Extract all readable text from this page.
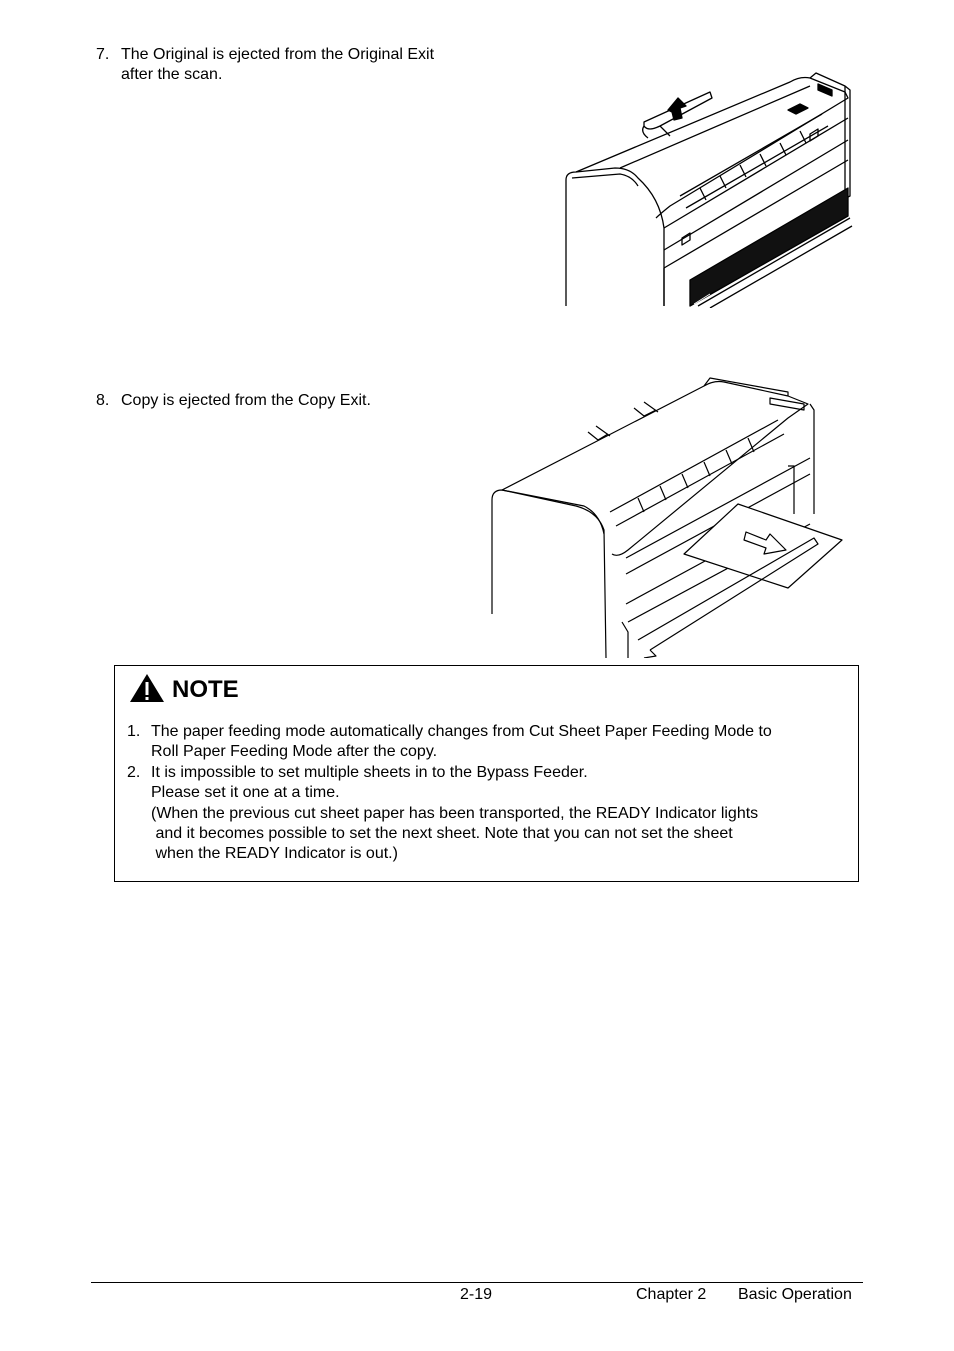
7. The Original is ejected from the Original Exit
after the scan.
8. Copy is ejected from the Copy Exit.
NOTE
1. The paper feeding mode automatically changes from Cut Sheet Paper Feeding Mode to
Roll Paper Feeding Mode after the copy.
2. It is impossible to set multiple sheets in to the Bypass Feeder.
Please set it one at a time.
(When the previous cut sheet paper has been transported, the READY Indicator lights
and it becomes possible to set the next sheet. Note that you can not set the sheet
when the READY Indicator is out.)
2-19	Chapter 2 Basic Operation
